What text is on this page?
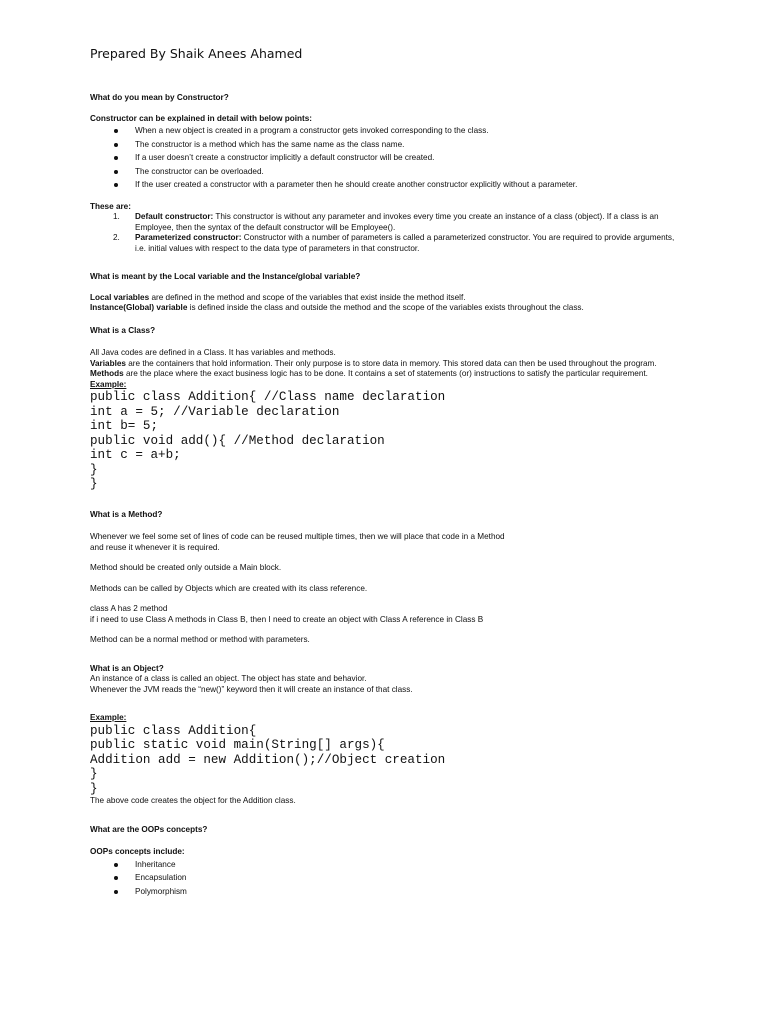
Prepared By Shaik Anees Ahamed

What do you mean by Constructor?

Constructor can be explained in detail with below points:

When a new object is created in a program a constructor gets invoked corresponding to the class.
The constructor is a method which has the same name as the class name.
If a user doesn’t create a constructor implicitly a default constructor will be created.
The constructor can be overloaded.
If the user created a constructor with a parameter then he should create another constructor explicitly without a parameter.

These are:

1. Default constructor: This constructor is without any parameter and invokes every time you create an instance of a class (object). If a class is an Employee, then the syntax of the default constructor will be Employee().
2. Parameterized constructor: Constructor with a number of parameters is called a parameterized constructor. You are required to provide arguments, i.e. initial values with respect to the data type of parameters in that constructor.

What is meant by the Local variable and the Instance/global variable?

Local variables are defined in the method and scope of the variables that exist inside the method itself.

Instance(Global) variable is defined inside the class and outside the method and the scope of the variables exists throughout the class.

What is a Class?

All Java codes are defined in a Class. It has variables and methods.

Variables are the containers that hold information. Their only purpose is to store data in memory. This stored data can then be used throughout the program.

Methods are the place where the exact business logic has to be done. It contains a set of statements (or) instructions to satisfy the particular requirement.

Example:

public class Addition{ //Class name declaration
int a = 5; //Variable declaration
int b= 5;
public void add(){ //Method declaration
int c = a+b;
}
}

What is a Method?

Whenever we feel some set of lines of code can be reused multiple times, then we will place that code in a Method

and reuse it whenever it is required.

Method should be created only outside a Main block.

Methods can be called by Objects which are created with its class reference.

class A has 2 method

if i need to use Class A methods in Class B, then I need to create an object with Class A reference in Class B

Method can be a normal method or method with parameters.

What is an Object?

An instance of a class is called an object. The object has state and behavior.

Whenever the JVM reads the “new()” keyword then it will create an instance of that class.

Example:

public class Addition{
public static void main(String[] args){
Addition add = new Addition();//Object creation
}
}

The above code creates the object for the Addition class.

What are the OOPs concepts?

OOPs concepts include:

Inheritance
Encapsulation
Polymorphism
